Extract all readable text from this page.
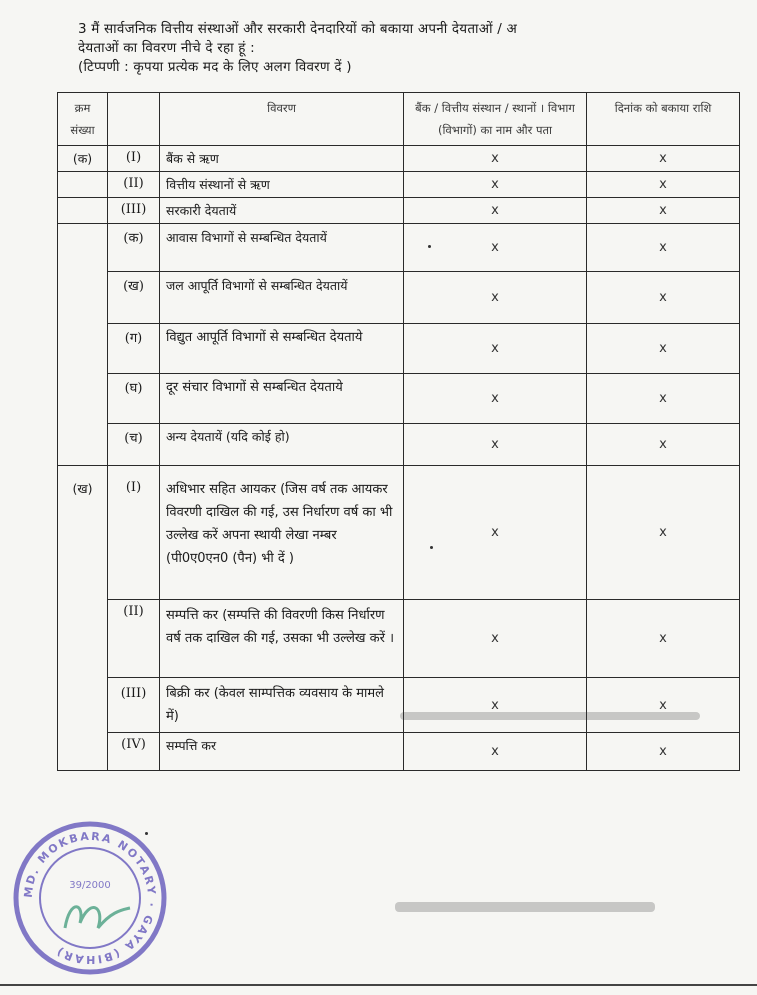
3 मैं सार्वजनिक वित्तीय संस्थाओं और सरकारी देनदारियों को बकाया अपनी देयताओं / अ
देयताओं का विवरण नीचे दे रहा हूं :
(टिप्पणी : कृपया प्रत्येक मद के लिए अलग विवरण दें )
क्रम संख्या		विवरण	बैंक / वित्तीय संस्थान / स्थानों । विभाग (विभागों) का नाम और पता	दिनांक को बकाया राशि
(क)	(I)	बैंक से ऋण	x	x
	(II)	वित्तीय संस्थानों से ऋण	x	x
	(III)	सरकारी देयतायें	x	x
	(क)	आवास विभागों से सम्बन्धित देयतायें	x	x
	(ख)	जल आपूर्ति विभागों से सम्बन्धित देयतायें	x	x
	(ग)	विद्युत आपूर्ति विभागों से सम्बन्धित देयताये	x	x
	(घ)	दूर संचार विभागों से सम्बन्धित देयताये	x	x
	(च)	अन्य देयतायें (यदि कोई हो)	x	x
(ख)	(I)	अधिभार सहित आयकर (जिस वर्ष तक आयकर विवरणी दाखिल की गई, उस निर्धारण वर्ष का भी उल्लेख करें अपना स्थायी लेखा नम्बर (पी0ए0एन0 (पैन) भी दें )	x	x
	(II)	सम्पत्ति कर (सम्पत्ति की विवरणी किस निर्धारण वर्ष तक दाखिल की गई, उसका भी उल्लेख करें ।	x	x
	(III)	बिक्री कर (केवल साम्पत्तिक व्यवसाय के मामले में)	x	x
	(IV)	सम्पत्ति कर	x	x
MD. MOKBARA NOTARY · GAYA (BIHAR)
39/2000
